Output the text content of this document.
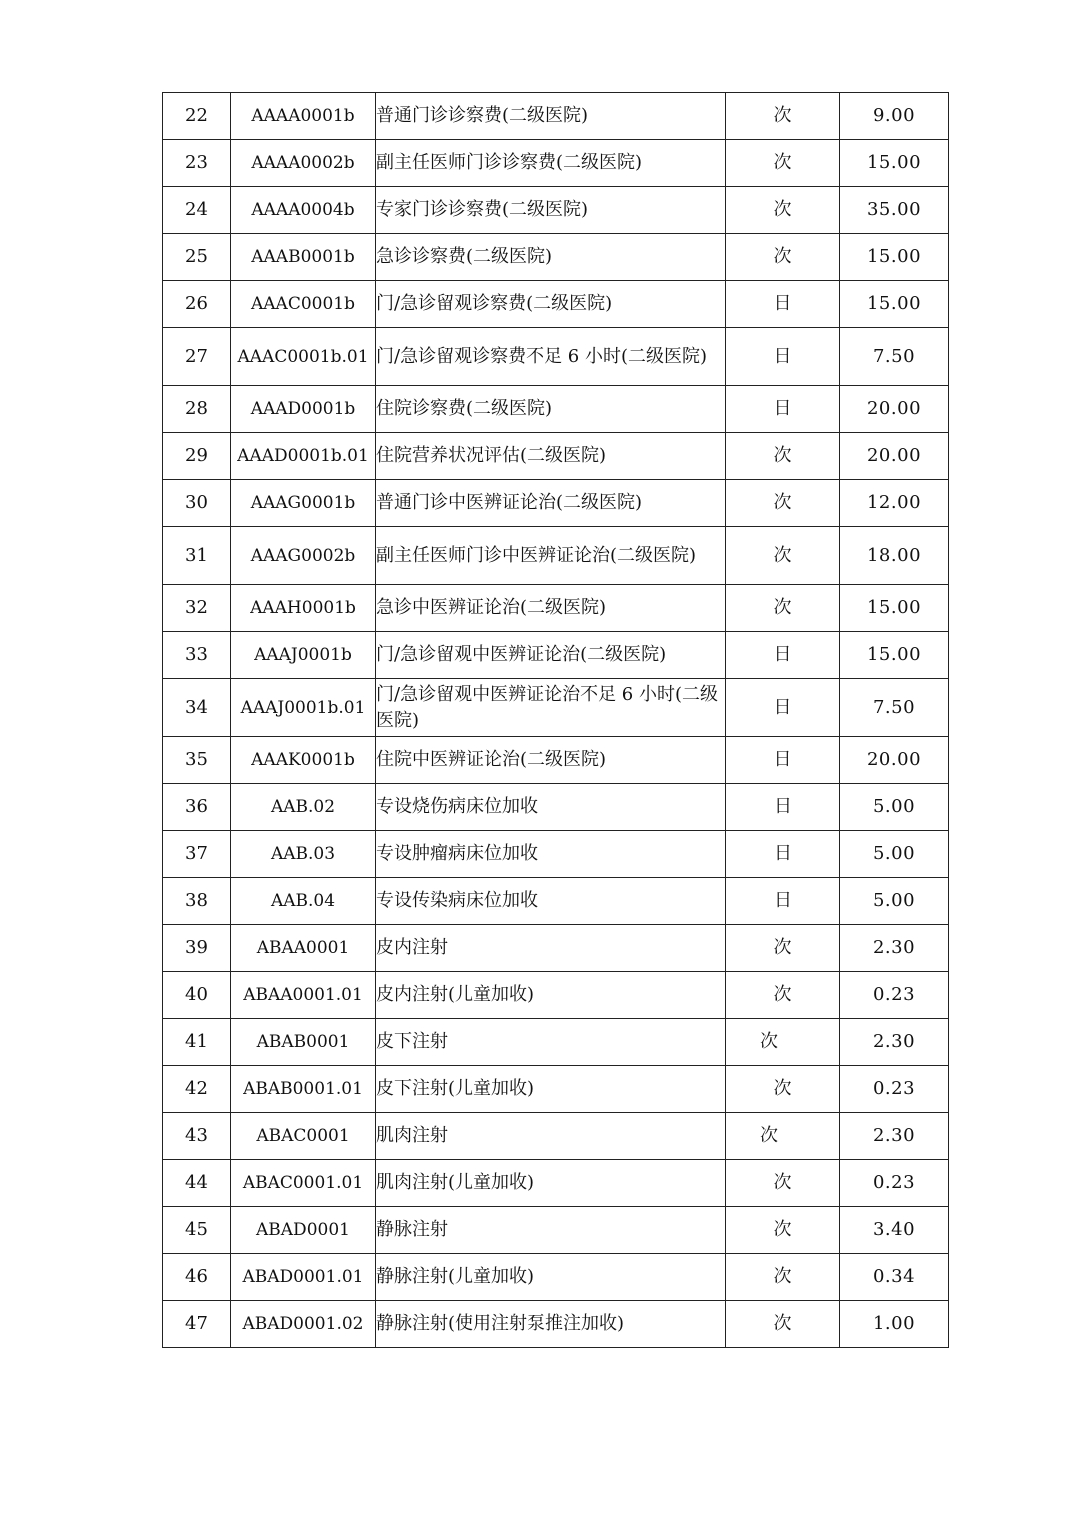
22	AAAA0001b	普通门诊诊察费(二级医院)	次	9.00
23	AAAA0002b	副主任医师门诊诊察费(二级医院)	次	15.00
24	AAAA0004b	专家门诊诊察费(二级医院)	次	35.00
25	AAAB0001b	急诊诊察费(二级医院)	次	15.00
26	AAAC0001b	门/急诊留观诊察费(二级医院)	日	15.00
27	AAAC0001b.01	门/急诊留观诊察费不足 6 小时(二级医院)	日	7.50
28	AAAD0001b	住院诊察费(二级医院)	日	20.00
29	AAAD0001b.01	住院营养状况评估(二级医院)	次	20.00
30	AAAG0001b	普通门诊中医辨证论治(二级医院)	次	12.00
31	AAAG0002b	副主任医师门诊中医辨证论治(二级医院)	次	18.00
32	AAAH0001b	急诊中医辨证论治(二级医院)	次	15.00
33	AAAJ0001b	门/急诊留观中医辨证论治(二级医院)	日	15.00
34	AAAJ0001b.01	门/急诊留观中医辨证论治不足 6 小时(二级医院)	日	7.50
35	AAAK0001b	住院中医辨证论治(二级医院)	日	20.00
36	AAB.02	专设烧伤病床位加收	日	5.00
37	AAB.03	专设肿瘤病床位加收	日	5.00
38	AAB.04	专设传染病床位加收	日	5.00
39	ABAA0001	皮内注射	次	2.30
40	ABAA0001.01	皮内注射(儿童加收)	次	0.23
41	ABAB0001	皮下注射	次	2.30
42	ABAB0001.01	皮下注射(儿童加收)	次	0.23
43	ABAC0001	肌肉注射	次	2.30
44	ABAC0001.01	肌肉注射(儿童加收)	次	0.23
45	ABAD0001	静脉注射	次	3.40
46	ABAD0001.01	静脉注射(儿童加收)	次	0.34
47	ABAD0001.02	静脉注射(使用注射泵推注加收)	次	1.00
